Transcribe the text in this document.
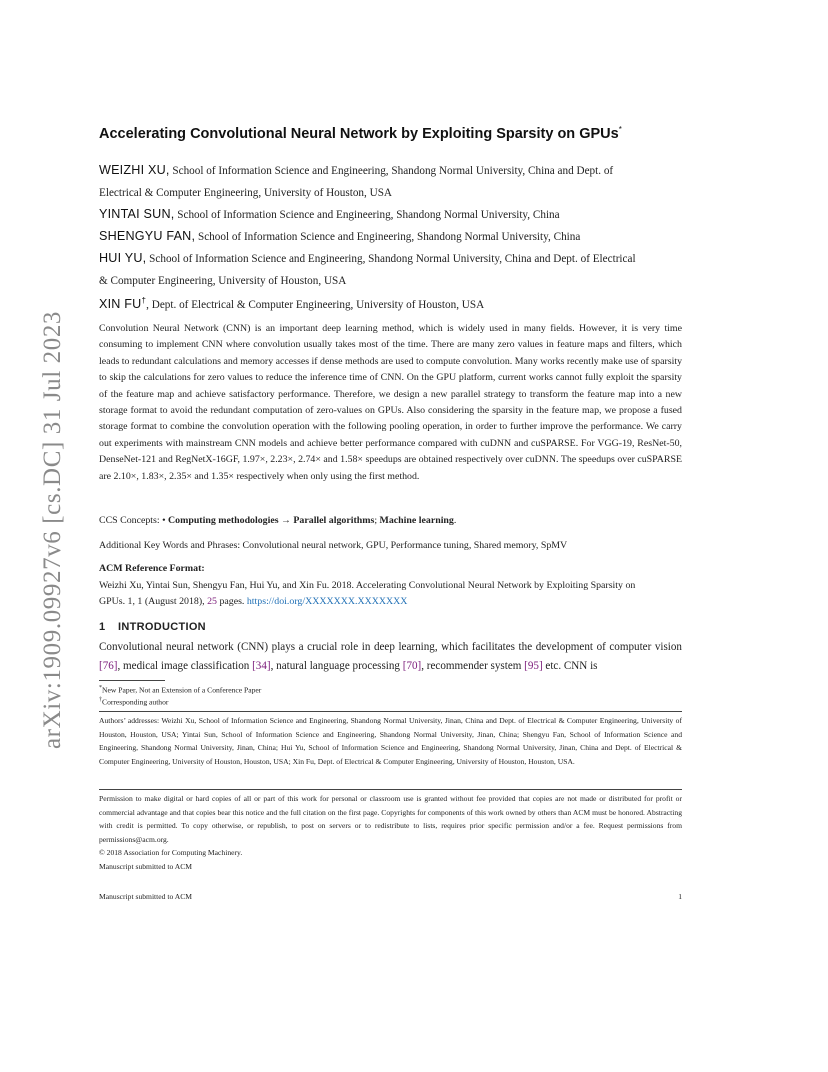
arXiv:1909.09927v6 [cs.DC] 31 Jul 2023
Accelerating Convolutional Neural Network by Exploiting Sparsity on GPUs*
WEIZHI XU, School of Information Science and Engineering, Shandong Normal University, China and Dept. of
Electrical & Computer Engineering, University of Houston, USA
YINTAI SUN, School of Information Science and Engineering, Shandong Normal University, China
SHENGYU FAN, School of Information Science and Engineering, Shandong Normal University, China
HUI YU, School of Information Science and Engineering, Shandong Normal University, China and Dept. of Electrical
& Computer Engineering, University of Houston, USA
XIN FU†, Dept. of Electrical & Computer Engineering, University of Houston, USA
Convolution Neural Network (CNN) is an important deep learning method, which is widely used in many fields. However, it is very time consuming to implement CNN where convolution usually takes most of the time. There are many zero values in feature maps and filters, which leads to redundant calculations and memory accesses if dense methods are used to compute convolution. Many works recently make use of sparsity to skip the calculations for zero values to reduce the inference time of CNN. On the GPU platform, current works cannot fully exploit the sparsity of the feature map and achieve satisfactory performance. Therefore, we design a new parallel strategy to transform the feature map into a new storage format to avoid the redundant computation of zero-values on GPUs. Also considering the sparsity in the feature map, we propose a fused storage format to combine the convolution operation with the following pooling operation, in order to further improve the performance. We carry out experiments with mainstream CNN models and achieve better performance compared with cuDNN and cuSPARSE. For VGG-19, ResNet-50, DenseNet-121 and RegNetX-16GF, 1.97×, 2.23×, 2.74× and 1.58× speedups are obtained respectively over cuDNN. The speedups over cuSPARSE are 2.10×, 1.83×, 2.35× and 1.35× respectively when only using the first method.
CCS Concepts: • Computing methodologies → Parallel algorithms; Machine learning.
Additional Key Words and Phrases: Convolutional neural network, GPU, Performance tuning, Shared memory, SpMV
ACM Reference Format:
Weizhi Xu, Yintai Sun, Shengyu Fan, Hui Yu, and Xin Fu. 2018. Accelerating Convolutional Neural Network by Exploiting Sparsity on
GPUs. 1, 1 (August 2018), 25 pages. https://doi.org/XXXXXXX.XXXXXXX
1 INTRODUCTION
Convolutional neural network (CNN) plays a crucial role in deep learning, which facilitates the development of computer vision [76], medical image classification [34], natural language processing [70], recommender system [95] etc. CNN is
*New Paper, Not an Extension of a Conference Paper
†Corresponding author
Authors’ addresses: Weizhi Xu, School of Information Science and Engineering, Shandong Normal University, Jinan, China and Dept. of Electrical & Computer Engineering, University of Houston, Houston, USA; Yintai Sun, School of Information Science and Engineering, Shandong Normal University, Jinan, China; Shengyu Fan, School of Information Science and Engineering, Shandong Normal University, Jinan, China; Hui Yu, School of Information Science and Engineering, Shandong Normal University, Jinan, China and Dept. of Electrical & Computer Engineering, University of Houston, Houston, USA; Xin Fu, Dept. of Electrical & Computer Engineering, University of Houston, Houston, USA.
Permission to make digital or hard copies of all or part of this work for personal or classroom use is granted without fee provided that copies are not made or distributed for profit or commercial advantage and that copies bear this notice and the full citation on the first page. Copyrights for components of this work owned by others than ACM must be honored. Abstracting with credit is permitted. To copy otherwise, or republish, to post on servers or to redistribute to lists, requires prior specific permission and/or a fee. Request permissions from permissions@acm.org.
© 2018 Association for Computing Machinery.
Manuscript submitted to ACM
Manuscript submitted to ACM	1
